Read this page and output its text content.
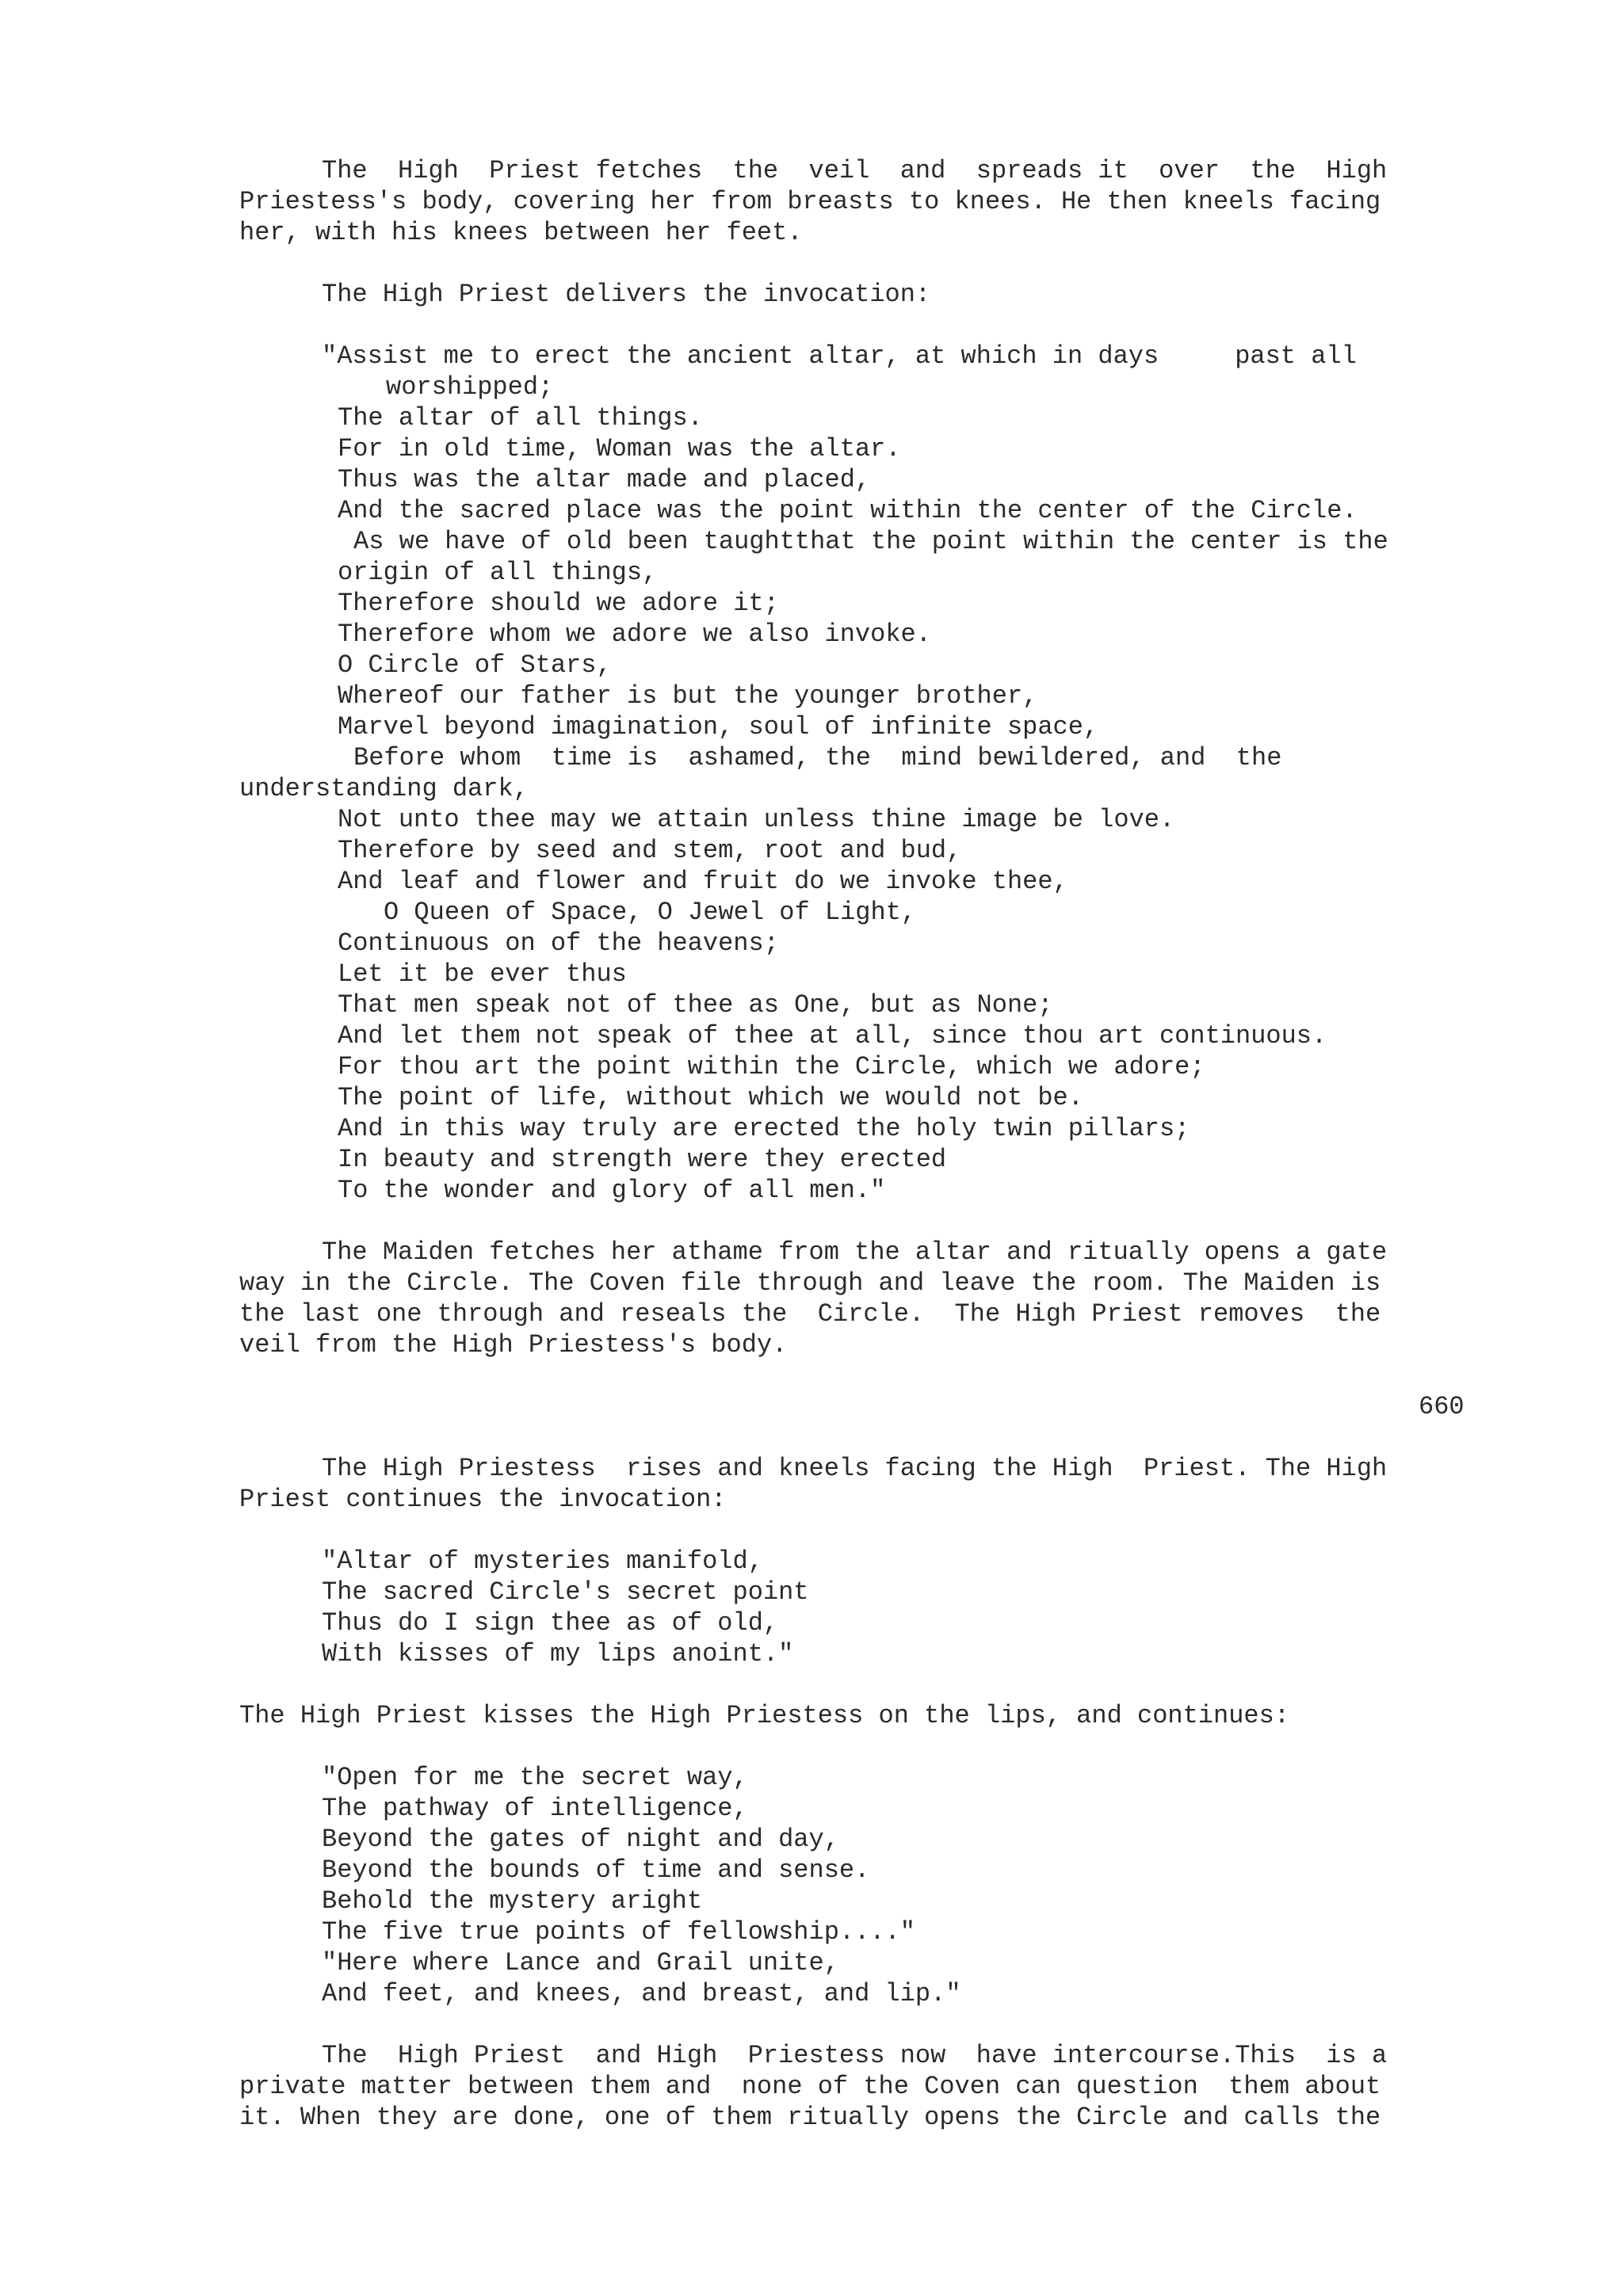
The  High  Priest fetches  the  veil  and  spreads it  over  the  High
Priestess's body, covering her from breasts to knees. He then kneels facing
her, with his knees between her feet.
The High Priest delivers the invocation:
"Assist me to erect the ancient altar, at which in days     past all
worshipped;
The altar of all things.
For in old time, Woman was the altar.
Thus was the altar made and placed,
And the sacred place was the point within the center of the Circle.
As we have of old been taughtthat the point within the center is the
origin of all things,
Therefore should we adore it;
Therefore whom we adore we also invoke.
O Circle of Stars,
Whereof our father is but the younger brother,
Marvel beyond imagination, soul of infinite space,
Before whom  time is  ashamed, the  mind bewildered, and  the
understanding dark,
Not unto thee may we attain unless thine image be love.
Therefore by seed and stem, root and bud,
And leaf and flower and fruit do we invoke thee,
O Queen of Space, O Jewel of Light,
Continuous on of the heavens;
Let it be ever thus
That men speak not of thee as One, but as None;
And let them not speak of thee at all, since thou art continuous.
For thou art the point within the Circle, which we adore;
The point of life, without which we would not be.
And in this way truly are erected the holy twin pillars;
In beauty and strength were they erected
To the wonder and glory of all men."
The Maiden fetches her athame from the altar and ritually opens a gate
way in the Circle. The Coven file through and leave the room. The Maiden is
the last one through and reseals the  Circle.  The High Priest removes  the
veil from the High Priestess's body.
660
The High Priestess  rises and kneels facing the High  Priest. The High
Priest continues the invocation:
"Altar of mysteries manifold,
The sacred Circle's secret point
Thus do I sign thee as of old,
With kisses of my lips anoint."
The High Priest kisses the High Priestess on the lips, and continues:
"Open for me the secret way,
The pathway of intelligence,
Beyond the gates of night and day,
Beyond the bounds of time and sense.
Behold the mystery aright
The five true points of fellowship...."
"Here where Lance and Grail unite,
And feet, and knees, and breast, and lip."
The  High Priest  and High  Priestess now  have intercourse.This  is a
private matter between them and  none of the Coven can question  them about
it. When they are done, one of them ritually opens the Circle and calls the
